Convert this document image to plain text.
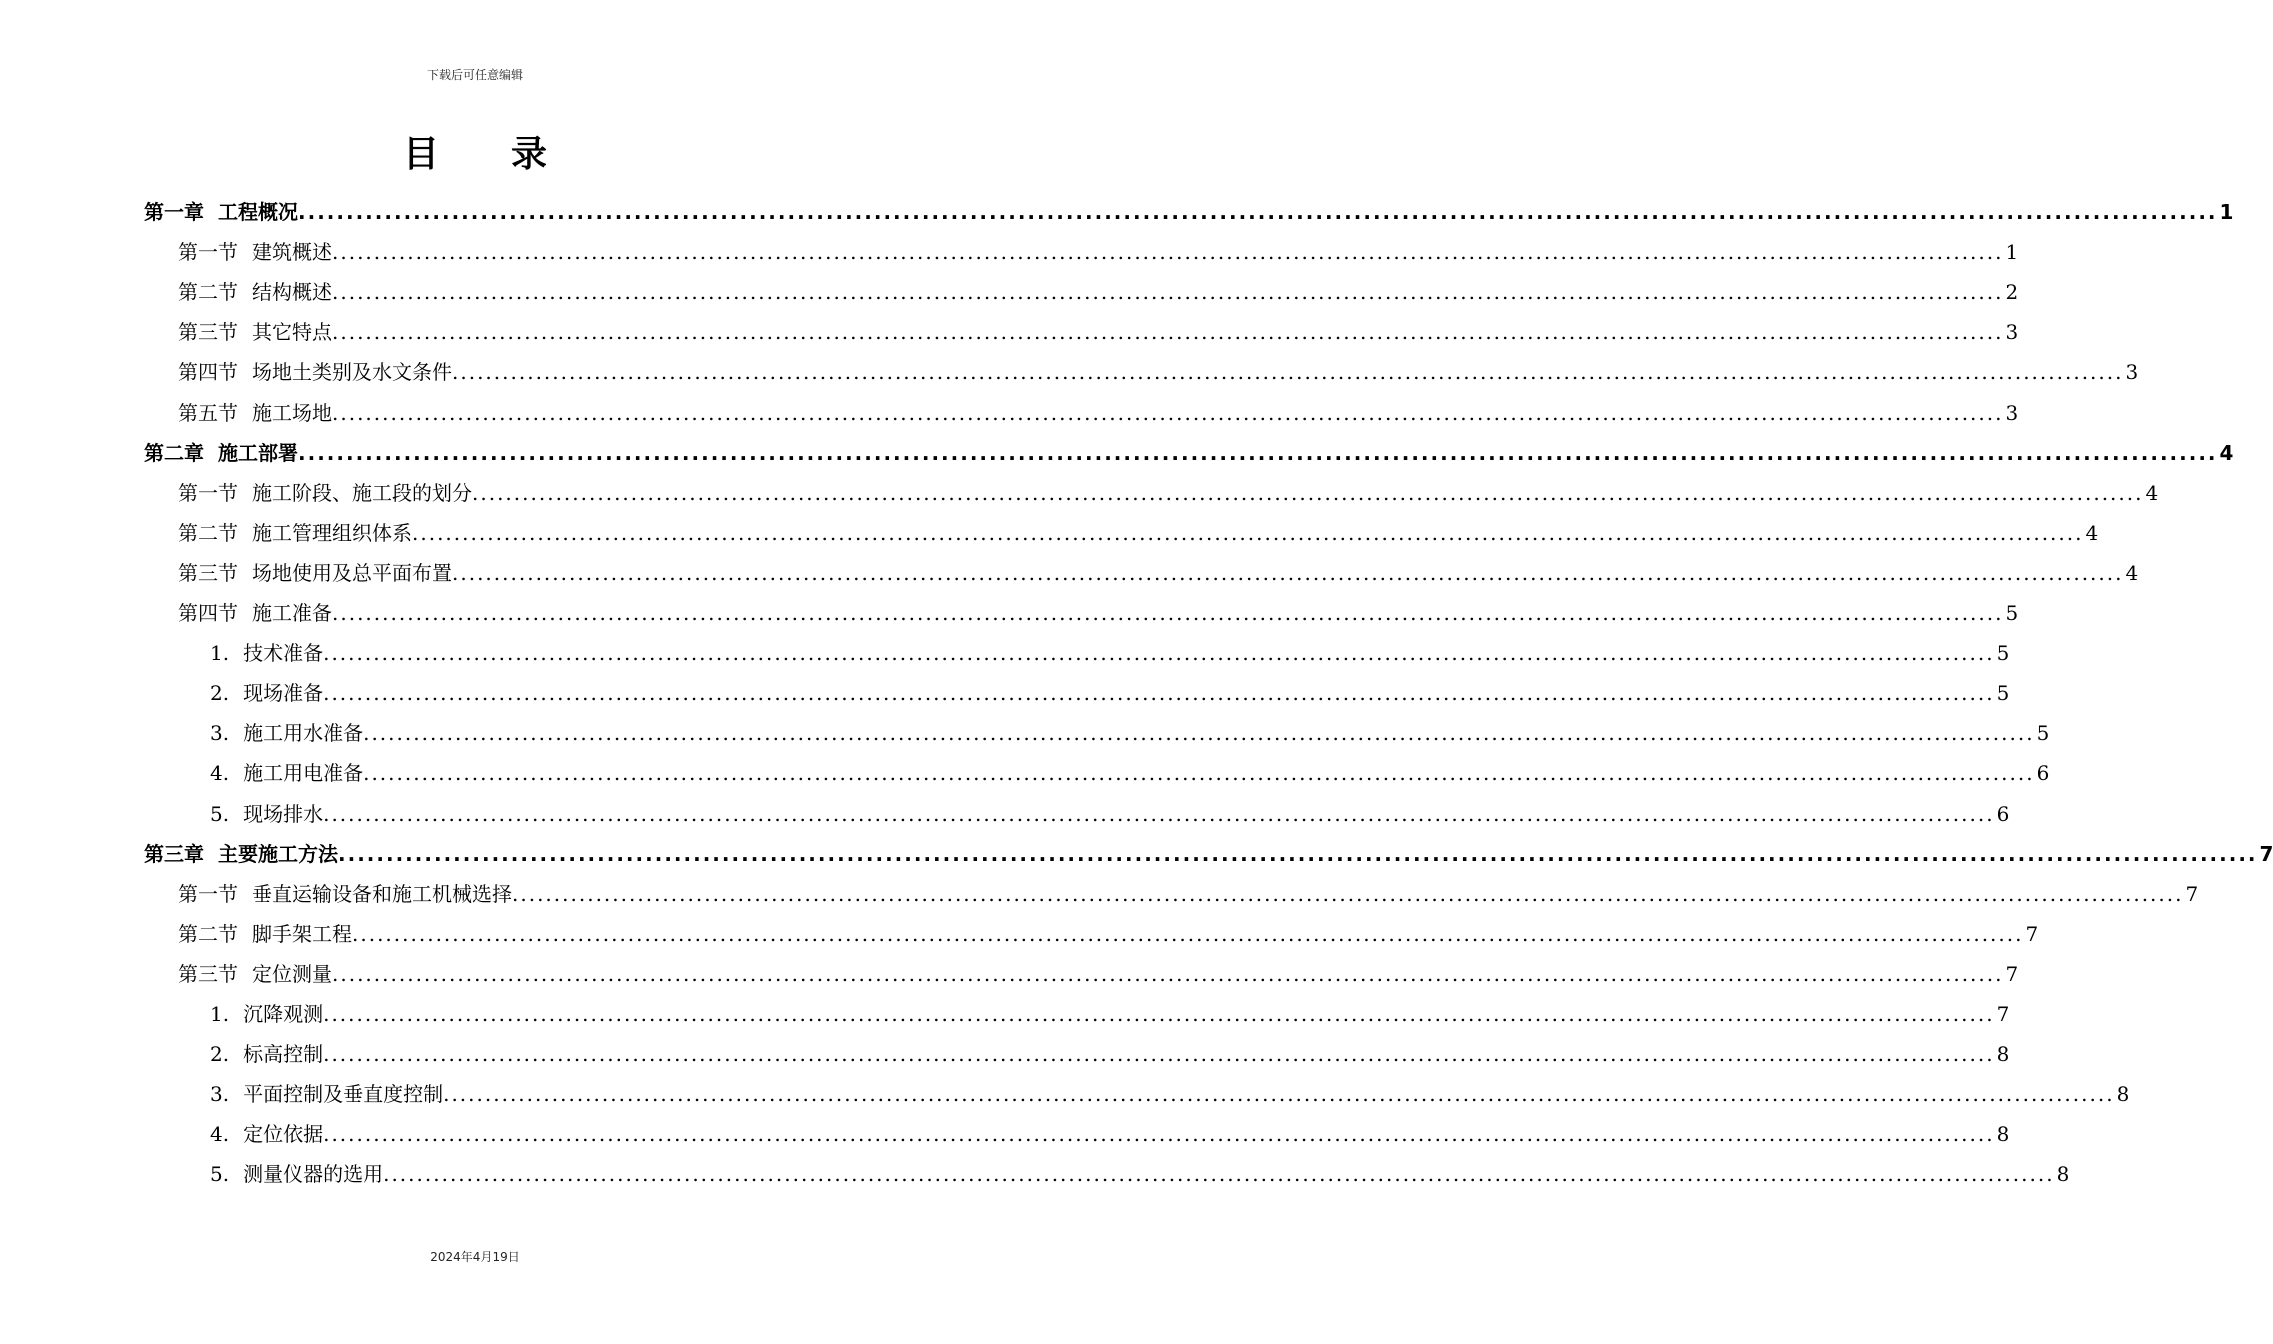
下载后可任意编辑
目录
第一章 工程概况 ........................................................................................................................................................................................................ 1
第一节 建筑概述 ........................................................................................................................................................................................................ 1
第二节 结构概述 ........................................................................................................................................................................................................ 2
第三节 其它特点 ........................................................................................................................................................................................................ 3
第四节 场地土类别及水文条件 ........................................................................................................................................................................................................ 3
第五节 施工场地 ........................................................................................................................................................................................................ 3
第二章 施工部署 ........................................................................................................................................................................................................ 4
第一节 施工阶段、施工段的划分 ........................................................................................................................................................................................................ 4
第二节 施工管理组织体系 ........................................................................................................................................................................................................ 4
第三节 场地使用及总平面布置 ........................................................................................................................................................................................................ 4
第四节 施工准备 ........................................................................................................................................................................................................ 5
1. 技术准备 ........................................................................................................................................................................................................ 5
2. 现场准备 ........................................................................................................................................................................................................ 5
3. 施工用水准备 ........................................................................................................................................................................................................ 5
4. 施工用电准备 ........................................................................................................................................................................................................ 6
5. 现场排水 ........................................................................................................................................................................................................ 6
第三章 主要施工方法 ........................................................................................................................................................................................................ 7
第一节 垂直运输设备和施工机械选择 ........................................................................................................................................................................................................ 7
第二节 脚手架工程 ........................................................................................................................................................................................................ 7
第三节 定位测量 ........................................................................................................................................................................................................ 7
1. 沉降观测 ........................................................................................................................................................................................................ 7
2. 标高控制 ........................................................................................................................................................................................................ 8
3. 平面控制及垂直度控制 ........................................................................................................................................................................................................ 8
4. 定位依据 ........................................................................................................................................................................................................ 8
5. 测量仪器的选用 ........................................................................................................................................................................................................ 8
2024年4月19日
